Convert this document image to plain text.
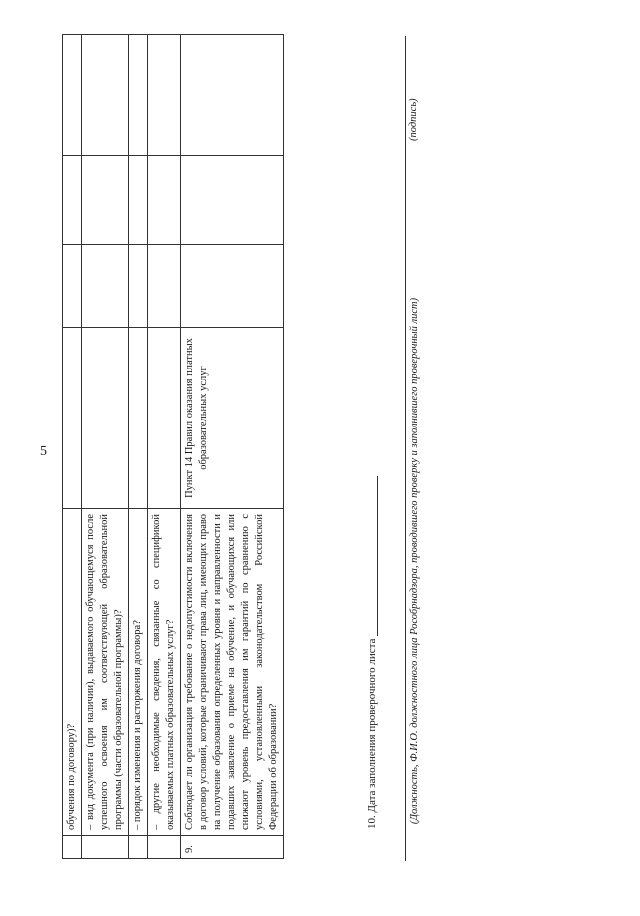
5
	обучения по договору)?				
	– вид документа (при наличии), выдаваемого обучающемуся после успешного освоения им соответствующей образовательной программы (части образовательной программы)?				
	– порядок изменения и расторжения договора?				
	– другие необходимые сведения, связанные со спецификой оказываемых платных образовательных услуг?				
9.	Соблюдает ли организация требование о недопустимости включения в договор условий, которые ограничивают права лиц, имеющих право на получение образования определенных уровня и направленности и подавших заявление о приеме на обучение, и обучающихся или снижают уровень предоставления им гарантий по сравнению с условиями, установленными законодательством Российской Федерации об образовании?	Пункт 14 Правил оказания платных образовательных услуг			
10. Дата заполнения проверочного листа	(Должность, Ф.И.О. должностного лица Рособрнадзора, проводившего проверку и заполнившего проверочный лист)
(подпись)
